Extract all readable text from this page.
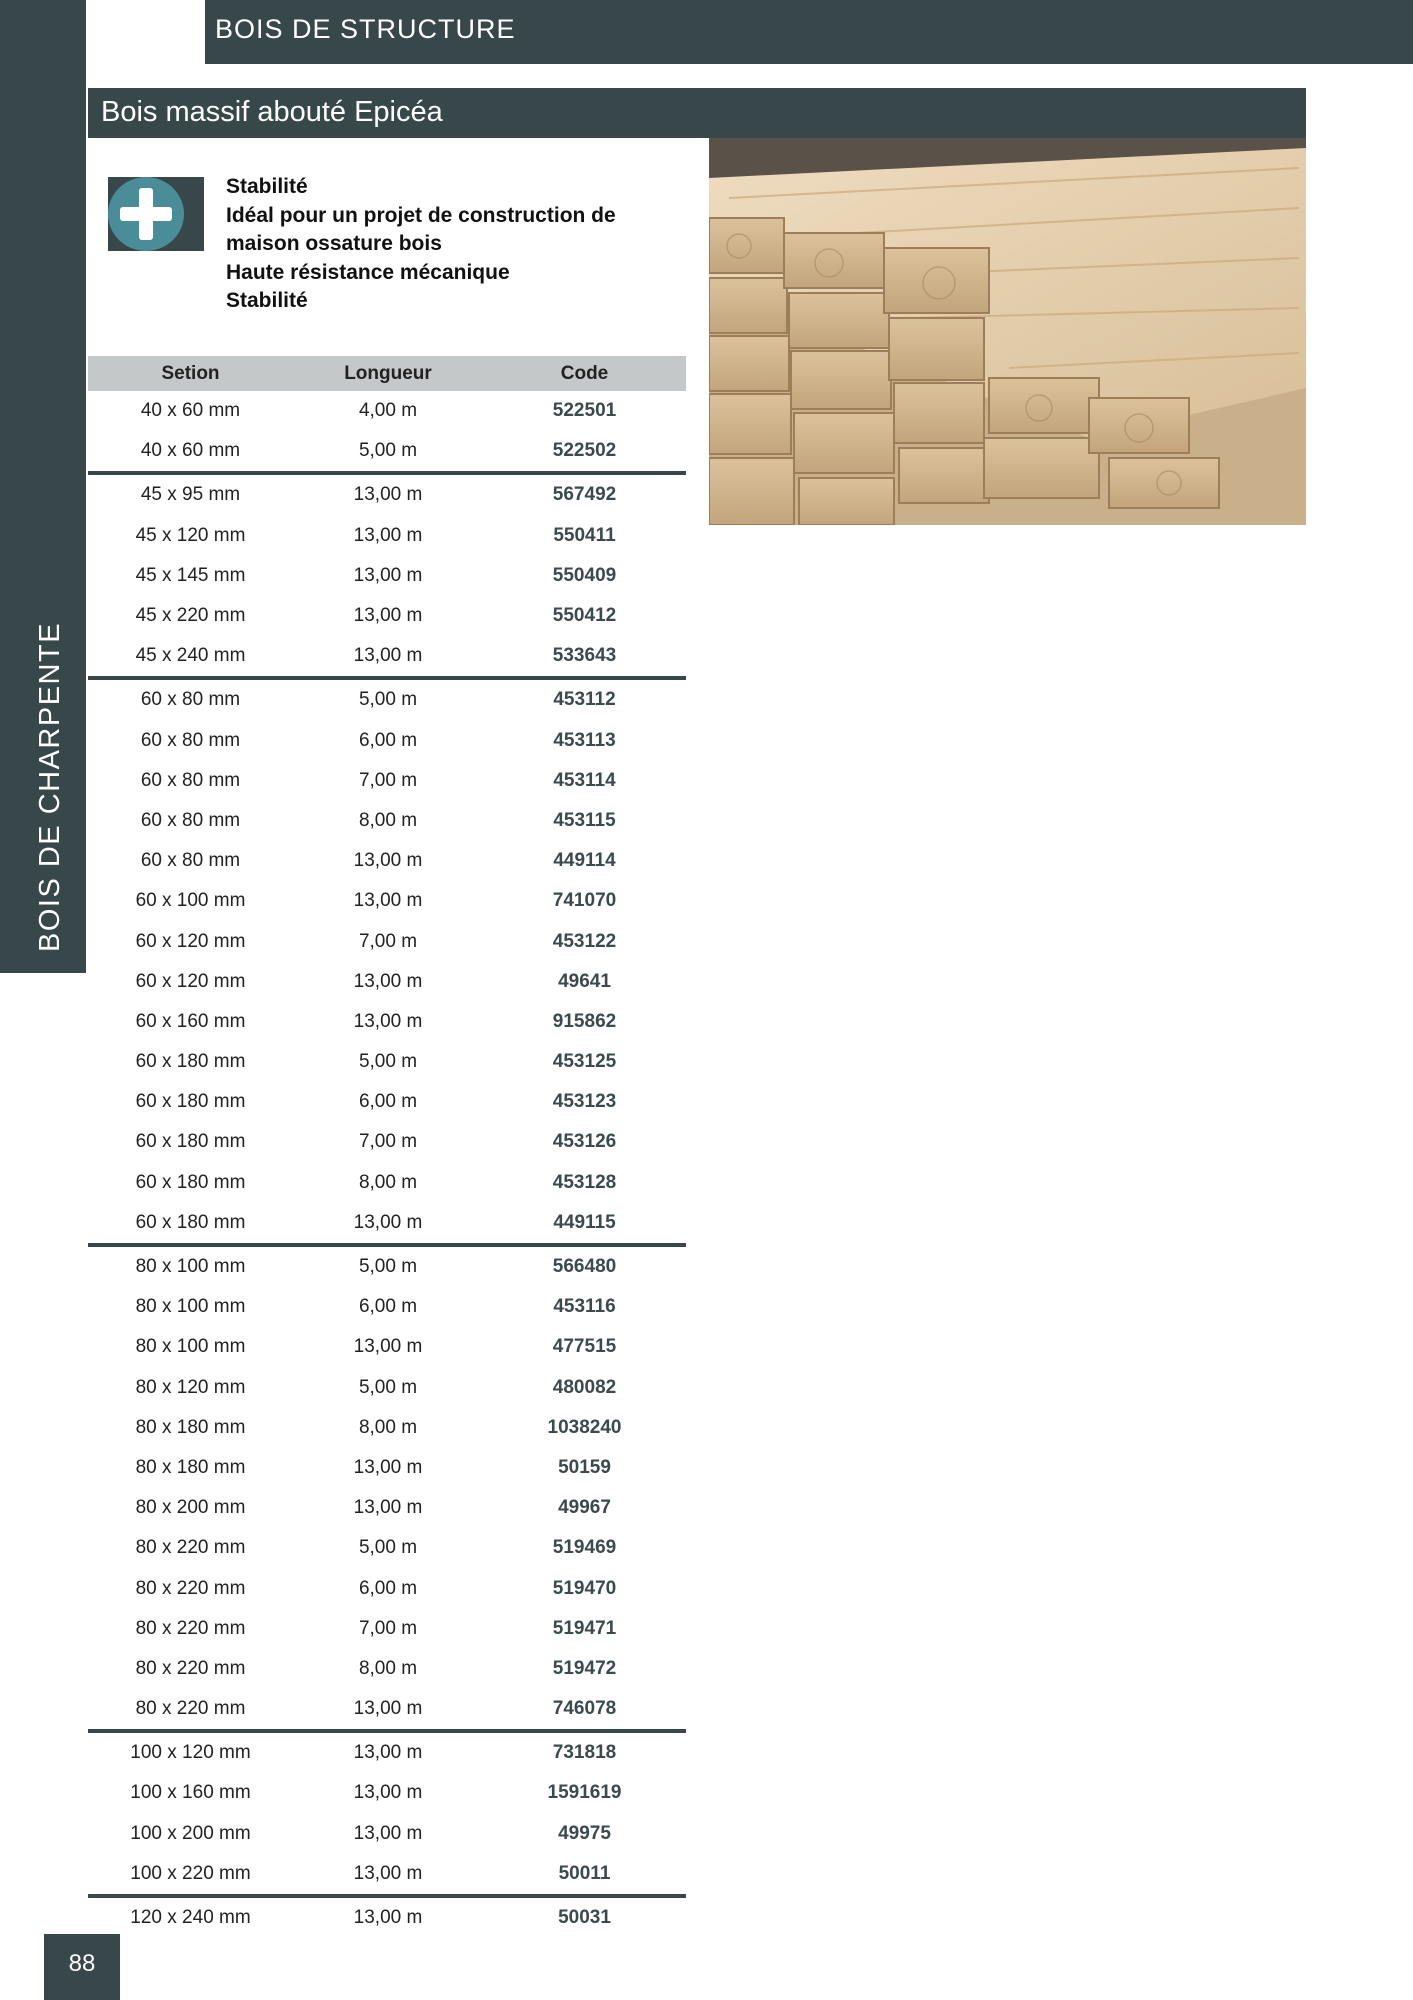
BOIS DE CHARPENTE
BOIS DE STRUCTURE
Bois massif abouté Epicéa
Stabilité
Idéal pour un projet de construction de
maison ossature bois
Haute résistance mécanique
Stabilité
Setion	Longueur	Code
40 x 60 mm	4,00 m	522501
40 x 60 mm	5,00 m	522502
45 x 95 mm	13,00 m	567492
45 x 120 mm	13,00 m	550411
45 x 145 mm	13,00 m	550409
45 x 220 mm	13,00 m	550412
45 x 240 mm	13,00 m	533643
60 x 80 mm	5,00 m	453112
60 x 80 mm	6,00 m	453113
60 x 80 mm	7,00 m	453114
60 x 80 mm	8,00 m	453115
60 x 80 mm	13,00 m	449114
60 x 100 mm	13,00 m	741070
60 x 120 mm	7,00 m	453122
60 x 120 mm	13,00 m	49641
60 x 160 mm	13,00 m	915862
60 x 180 mm	5,00 m	453125
60 x 180 mm	6,00 m	453123
60 x 180 mm	7,00 m	453126
60 x 180 mm	8,00 m	453128
60 x 180 mm	13,00 m	449115
80 x 100 mm	5,00 m	566480
80 x 100 mm	6,00 m	453116
80 x 100 mm	13,00 m	477515
80 x 120 mm	5,00 m	480082
80 x 180 mm	8,00 m	1038240
80 x 180 mm	13,00 m	50159
80 x 200 mm	13,00 m	49967
80 x 220 mm	5,00 m	519469
80 x 220 mm	6,00 m	519470
80 x 220 mm	7,00 m	519471
80 x 220 mm	8,00 m	519472
80 x 220 mm	13,00 m	746078
100 x 120 mm	13,00 m	731818
100 x 160 mm	13,00 m	1591619
100 x 200 mm	13,00 m	49975
100 x 220 mm	13,00 m	50011
120 x 240 mm	13,00 m	50031
88
